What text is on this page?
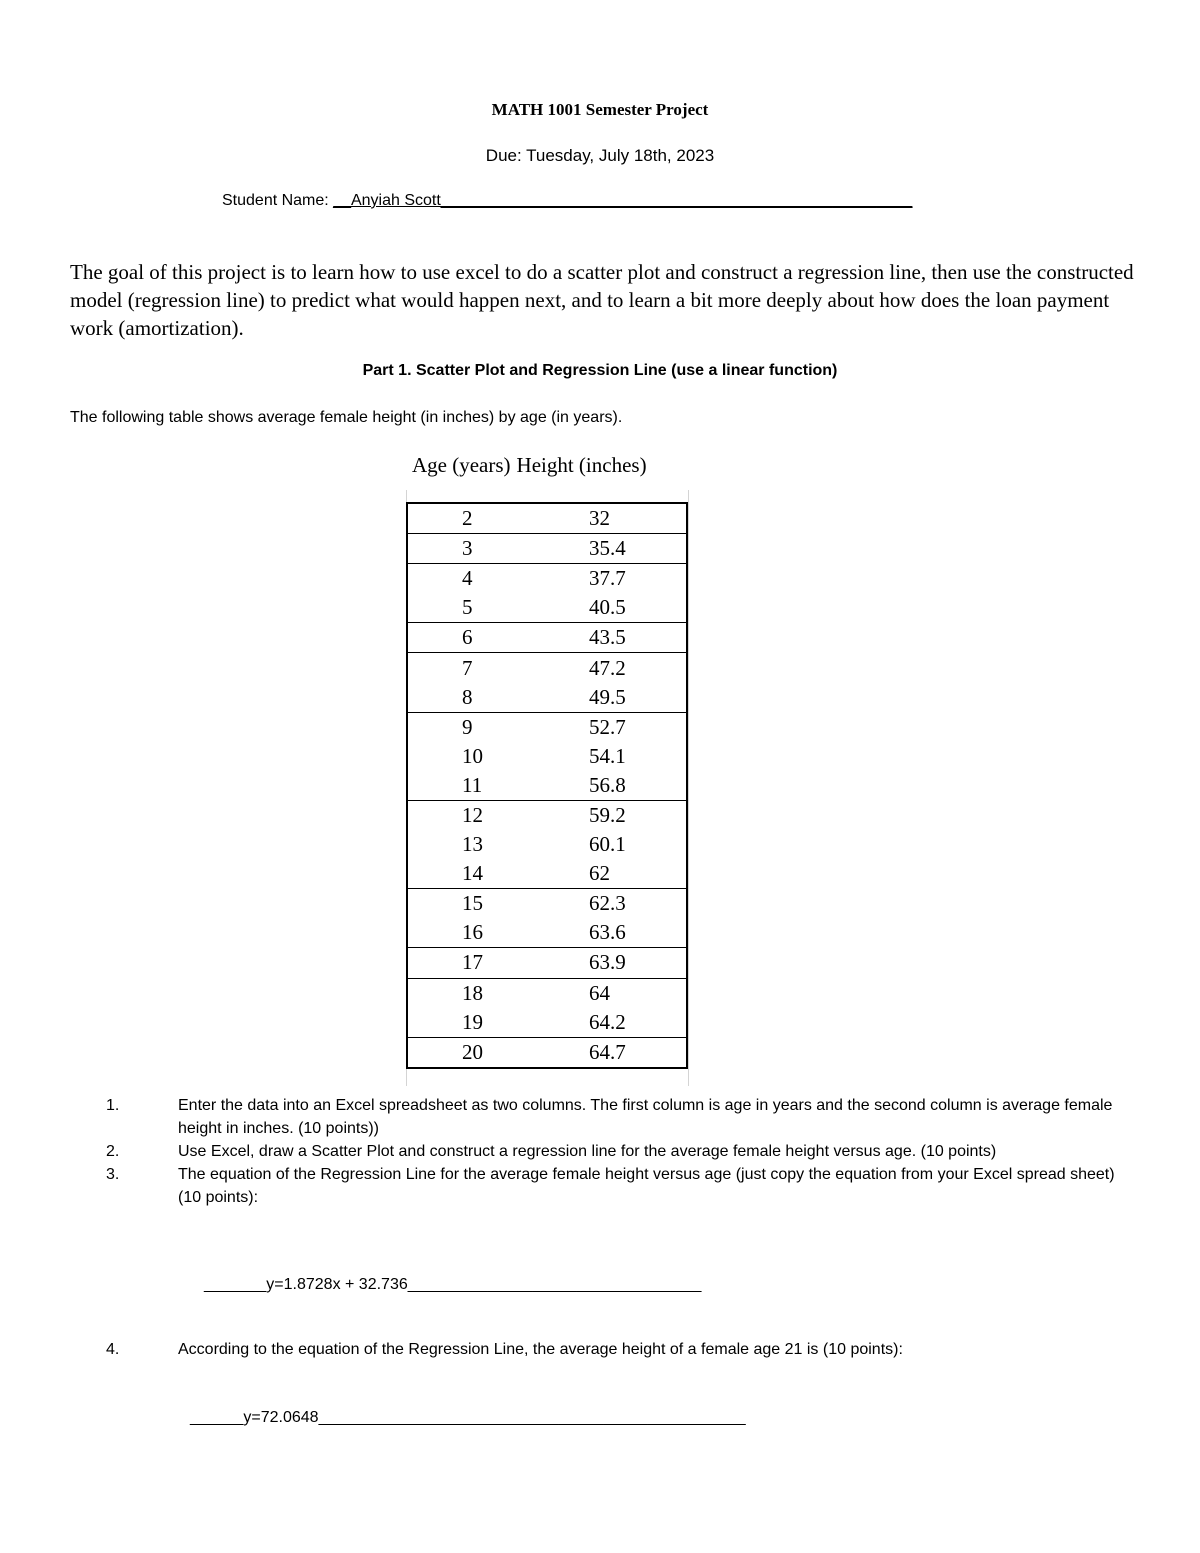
MATH 1001 Semester Project
Due: Tuesday, July 18th, 2023
Student Name: __Anyiah Scott_____________________________________________________
The goal of this project is to learn how to use excel to do a scatter plot and construct a regression line, then use the constructed model (regression line) to predict what would happen next, and to learn a bit more deeply about how does the loan payment work (amortization).
Part 1. Scatter Plot and Regression Line (use a linear function)
The following table shows average female height (in inches) by age (in years).
Age (years) Height (inches)
2	32
3	35.4
4	37.7
5	40.5
6	43.5
7	47.2
8	49.5
9	52.7
10	54.1
11	56.8
12	59.2
13	60.1
14	62
15	62.3
16	63.6
17	63.9
18	64
19	64.2
20	64.7
1.	Enter the data into an Excel spreadsheet as two columns. The first column is age in years and the second column is average female height in inches. (10 points))
2.	Use Excel, draw a Scatter Plot and construct a regression line for the average female height versus age. (10 points)
3.	The equation of the Regression Line for the average female height versus age (just copy the equation from your Excel spread sheet) (10 points):
_______y=1.8728x + 32.736_________________________________
4.	According to the equation of the Regression Line, the average height of a female age 21 is (10 points):
______y=72.0648________________________________________________
